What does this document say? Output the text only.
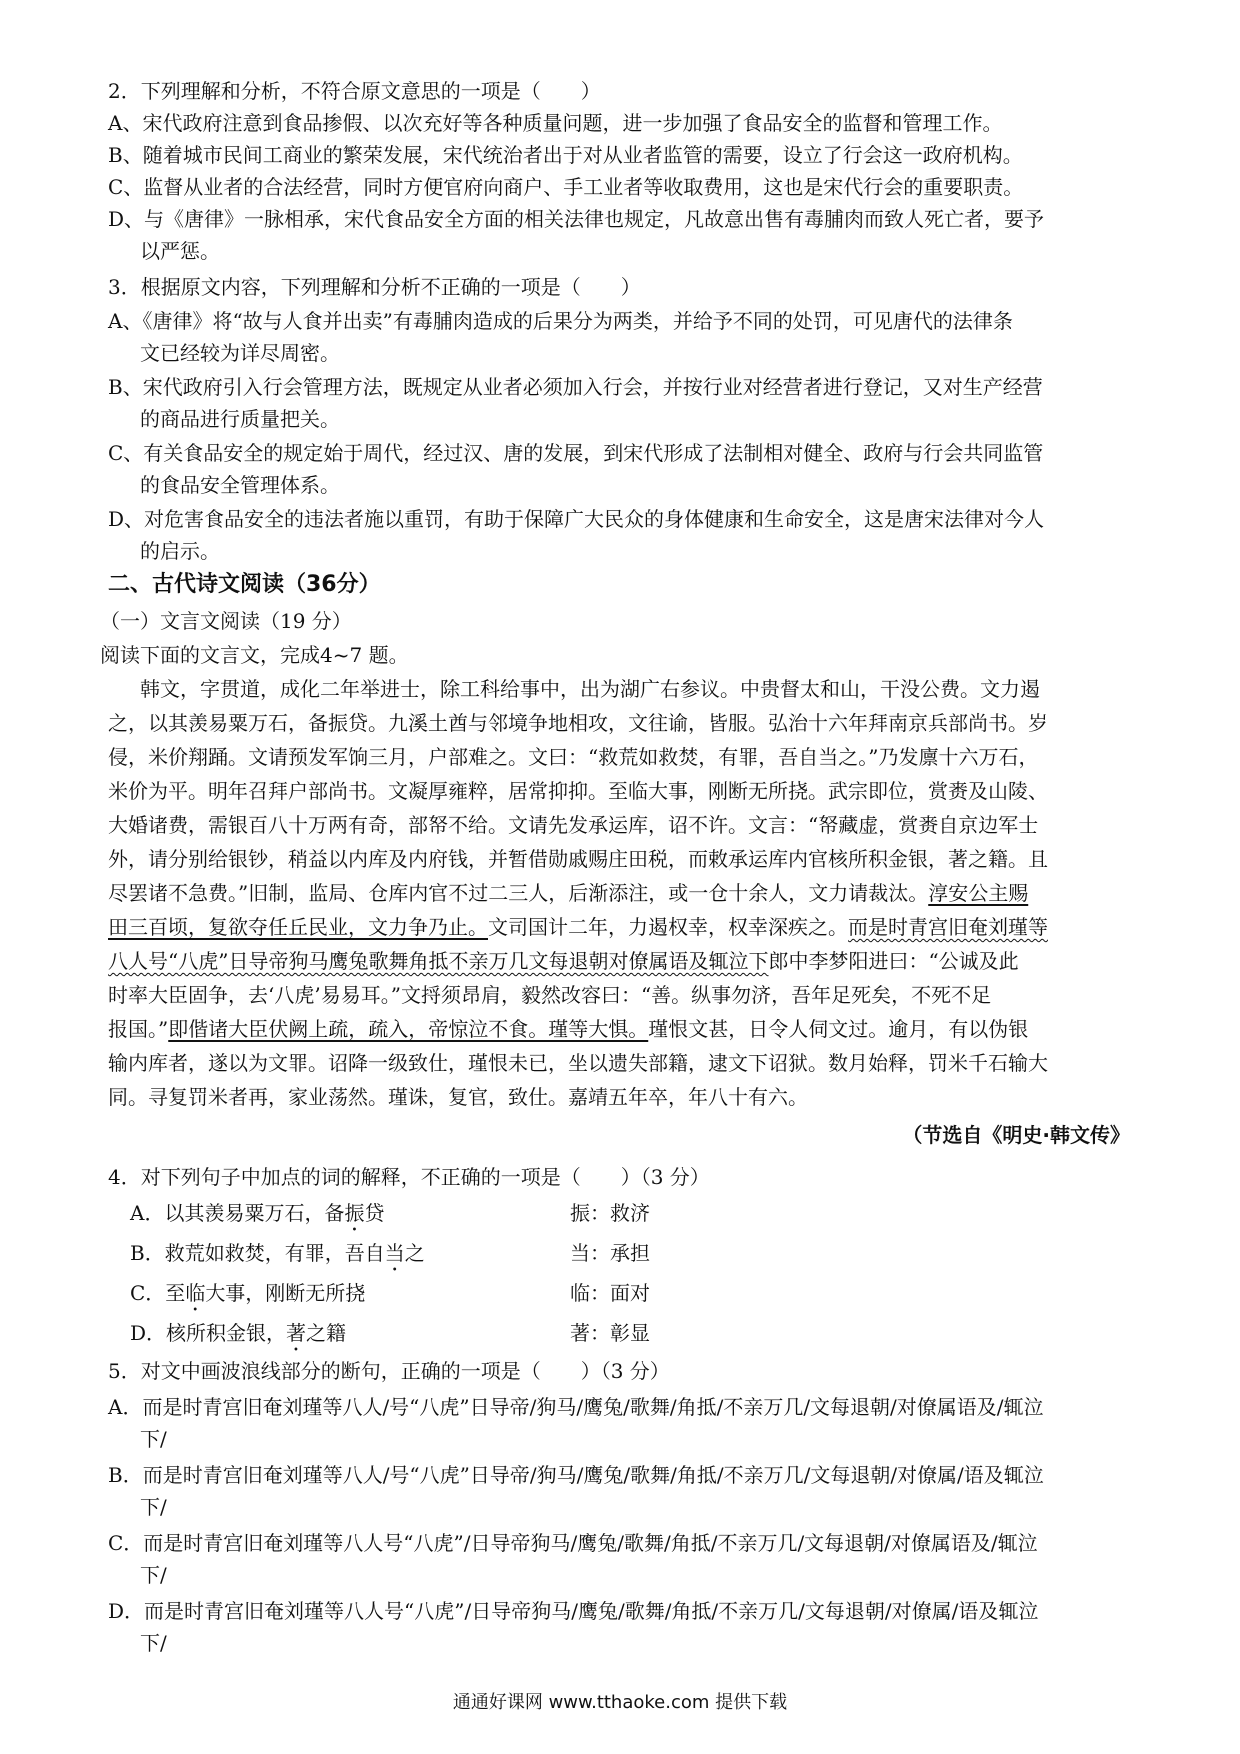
2．下列理解和分析，不符合原文意思的一项是（　　）
A、宋代政府注意到食品掺假、以次充好等各种质量问题，进一步加强了食品安全的监督和管理工作。
B、随着城市民间工商业的繁荣发展，宋代统治者出于对从业者监管的需要，设立了行会这一政府机构。
C、监督从业者的合法经营，同时方便官府向商户、手工业者等收取费用，这也是宋代行会的重要职责。
D、与《唐律》一脉相承，宋代食品安全方面的相关法律也规定，凡故意出售有毒脯肉而致人死亡者，要予
以严惩。
3．根据原文内容，下列理解和分析不正确的一项是（　　）
A、《唐律》将“故与人食并出卖”有毒脯肉造成的后果分为两类，并给予不同的处罚，可见唐代的法律条
文已经较为详尽周密。
B、宋代政府引入行会管理方法，既规定从业者必须加入行会，并按行业对经营者进行登记，又对生产经营
的商品进行质量把关。
C、有关食品安全的规定始于周代，经过汉、唐的发展，到宋代形成了法制相对健全、政府与行会共同监管
的食品安全管理体系。
D、对危害食品安全的违法者施以重罚，有助于保障广大民众的身体健康和生命安全，这是唐宋法律对今人
的启示。
二、古代诗文阅读（36分）
（一）文言文阅读（19 分）
阅读下面的文言文，完成4~7 题。
韩文，字贯道，成化二年举进士，除工科给事中，出为湖广右参议。中贵督太和山，干没公费。文力遏
之，以其羡易粟万石，备振贷。九溪土酋与邻境争地相攻，文往谕，皆服。弘治十六年拜南京兵部尚书。岁
侵，米价翔踊。文请预发军饷三月，户部难之。文曰：“救荒如救焚，有罪，吾自当之。”乃发廪十六万石，
米价为平。明年召拜户部尚书。文凝厚雍粹，居常抑抑。至临大事，刚断无所挠。武宗即位，赏赉及山陵、
大婚诸费，需银百八十万两有奇，部帑不给。文请先发承运库，诏不许。文言：“帑藏虚，赏赉自京边军士
外，请分别给银钞，稍益以内库及内府钱，并暂借勋戚赐庄田税，而敕承运库内官核所积金银，著之籍。且
尽罢诸不急费。”旧制，监局、仓库内官不过二三人，后渐添注，或一仓十余人，文力请裁汰。淳安公主赐
田三百顷，复欲夺任丘民业，文力争乃止。文司国计二年，力遏权幸，权幸深疾之。而是时青宫旧奄刘瑾等
八人号“八虎”日导帝狗马鹰兔歌舞角抵不亲万几文每退朝对僚属语及辄泣下郎中李梦阳进曰：“公诚及此
时率大臣固争，去‘八虎’易易耳。”文捋须昂肩，毅然改容曰：“善。纵事勿济，吾年足死矣，不死不足
报国。”即偕诸大臣伏阙上疏，疏入，帝惊泣不食。瑾等大惧。瑾恨文甚，日令人伺文过。逾月，有以伪银
输内库者，遂以为文罪。诏降一级致仕，瑾恨未已，坐以遗失部籍，逮文下诏狱。数月始释，罚米千石输大
同。寻复罚米者再，家业荡然。瑾诛，复官，致仕。嘉靖五年卒，年八十有六。
（节选自《明史·韩文传》
4．对下列句子中加点的词的解释，不正确的一项是（　　）（3 分）
A．以其羡易粟万石，备振贷	振：救济
B．救荒如救焚，有罪，吾自当之	当：承担
C．至临大事，刚断无所挠	临：面对
D．核所积金银，著之籍	著：彰显
5．对文中画波浪线部分的断句，正确的一项是（　　）（3 分）
A．而是时青宫旧奄刘瑾等八人/号“八虎”日导帝/狗马/鹰兔/歌舞/角抵/不亲万几/文每退朝/对僚属语及/辄泣
下/
B．而是时青宫旧奄刘瑾等八人/号“八虎”日导帝/狗马/鹰兔/歌舞/角抵/不亲万几/文每退朝/对僚属/语及辄泣
下/
C．而是时青宫旧奄刘瑾等八人号“八虎”/日导帝狗马/鹰兔/歌舞/角抵/不亲万几/文每退朝/对僚属语及/辄泣
下/
D．而是时青宫旧奄刘瑾等八人号“八虎”/日导帝狗马/鹰兔/歌舞/角抵/不亲万几/文每退朝/对僚属/语及辄泣
下/
通通好课网 www.tthaoke.com 提供下载
